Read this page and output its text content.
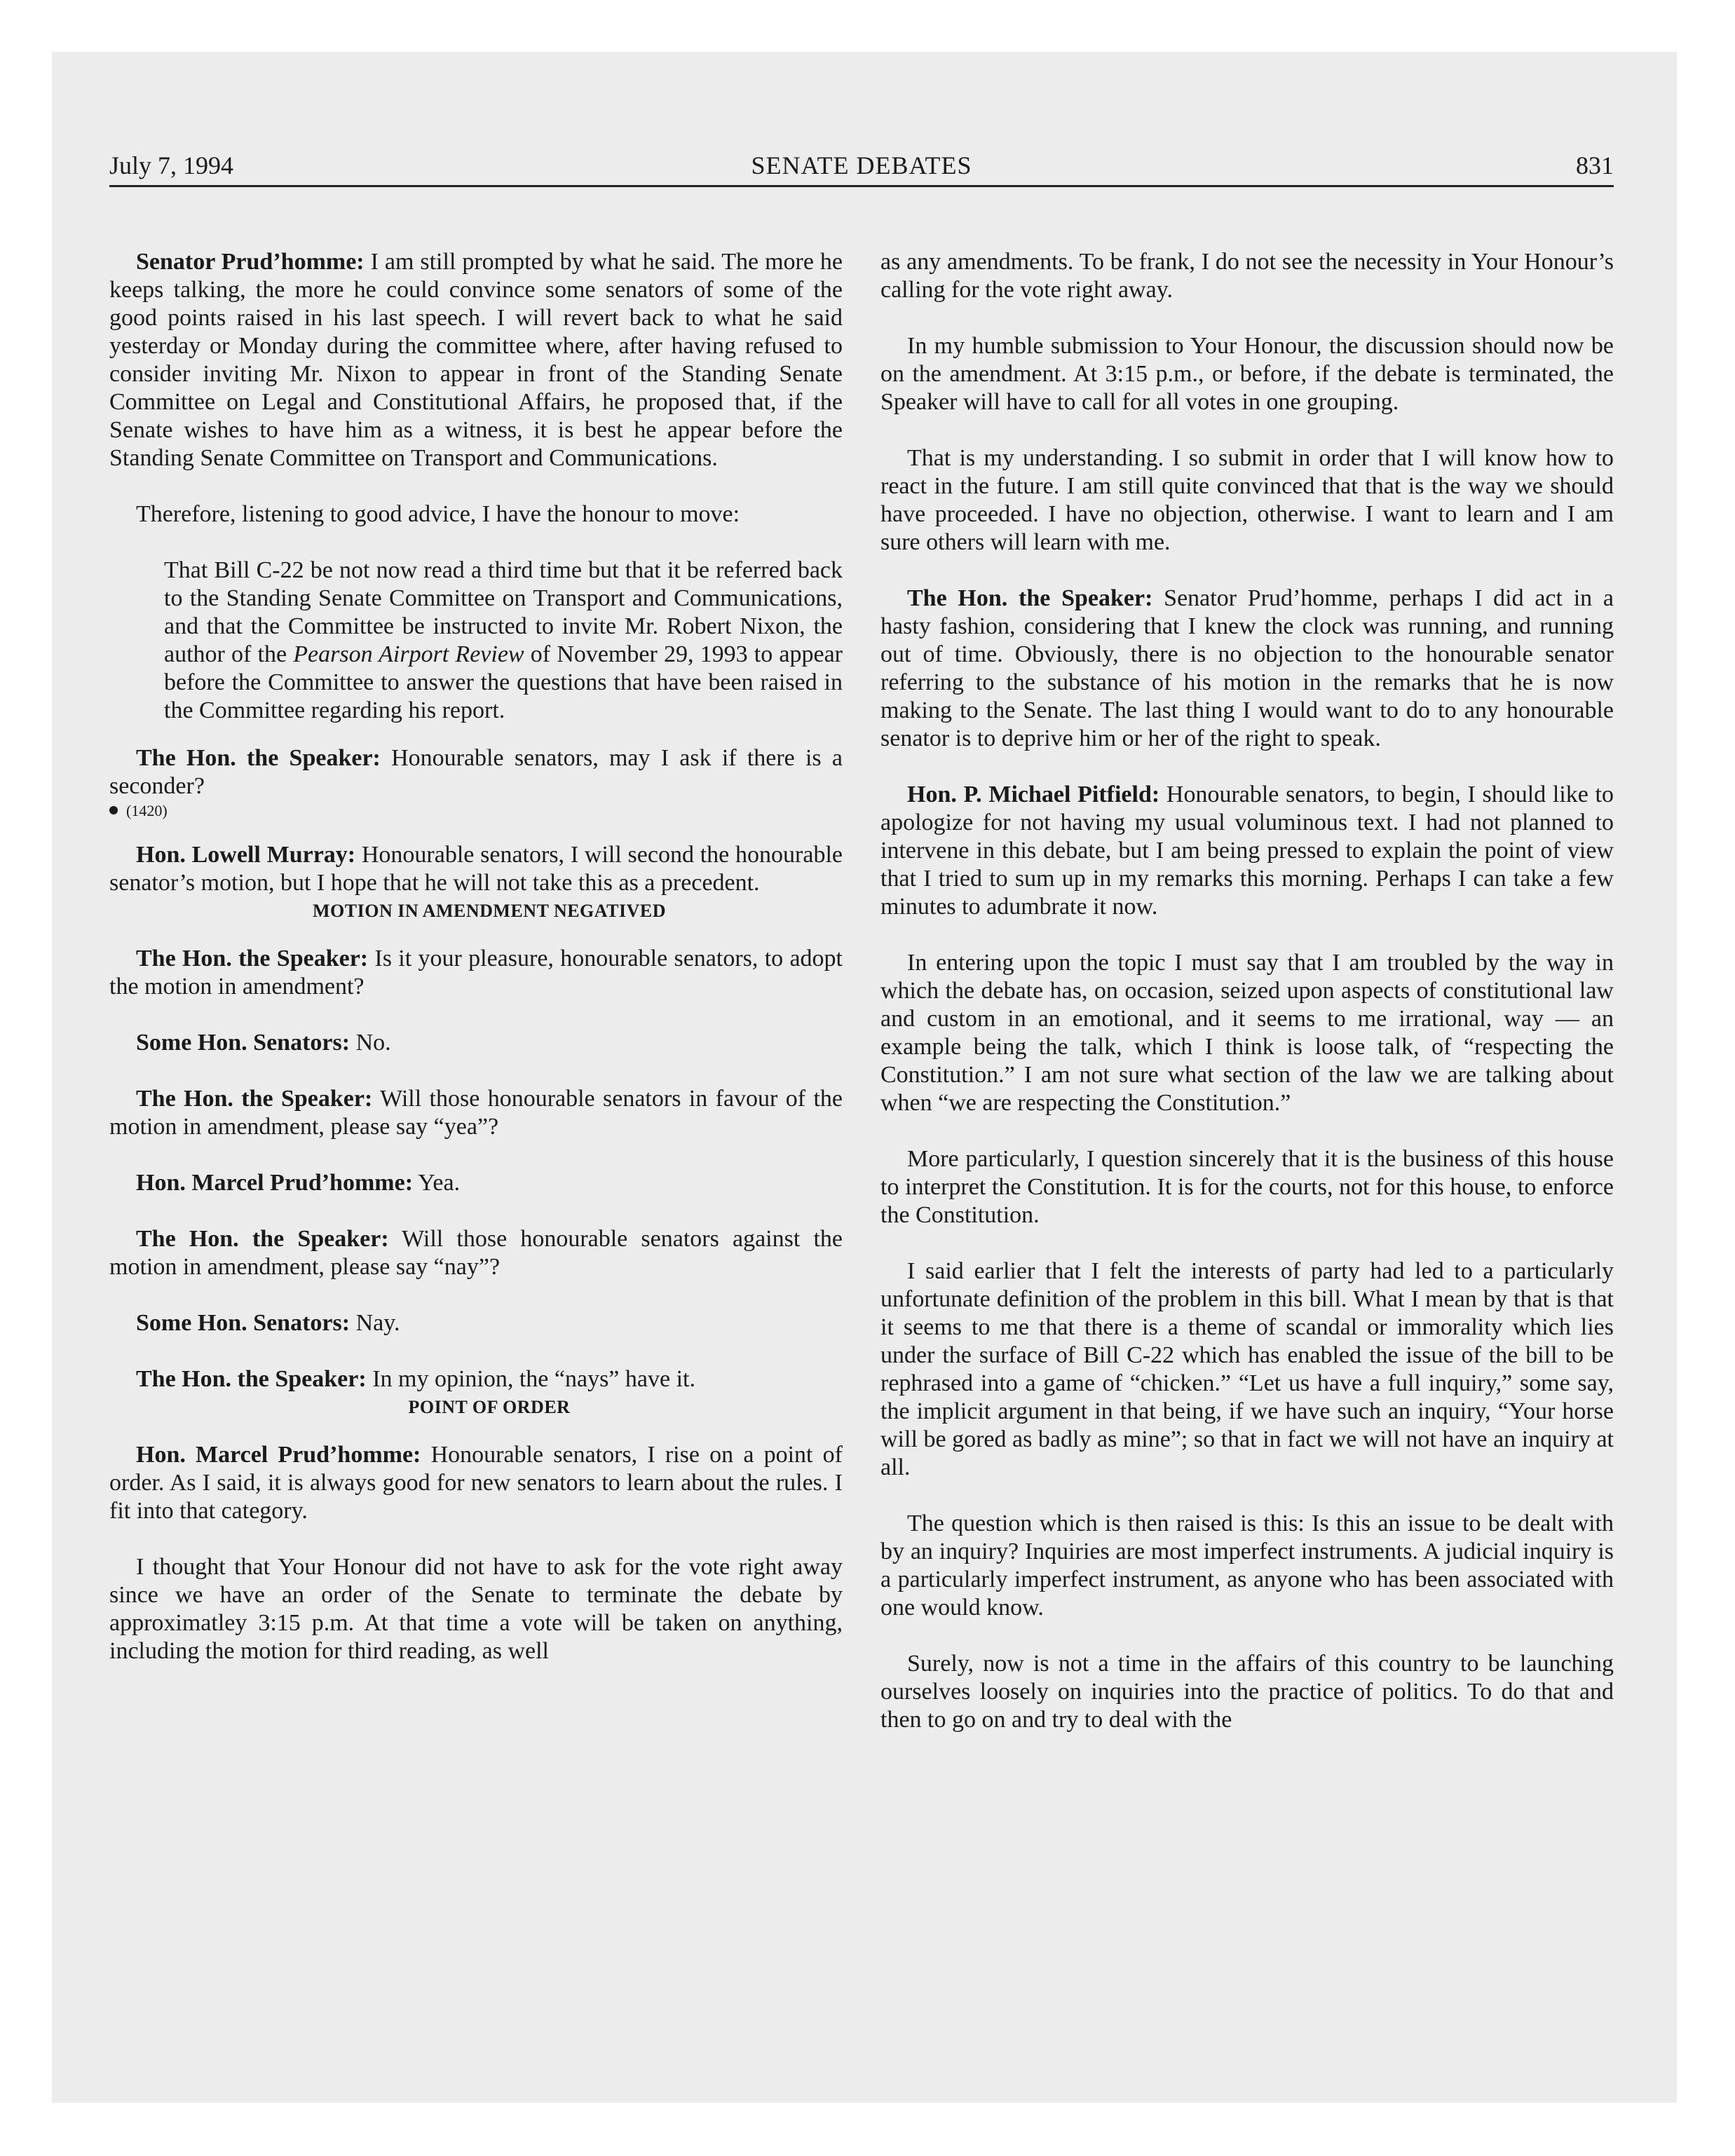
July 7, 1994	SENATE DEBATES	831

Senator Prud’homme: I am still prompted by what he said. The more he keeps talking, the more he could convince some senators of some of the good points raised in his last speech. I will revert back to what he said yesterday or Monday during the committee where, after having refused to consider inviting Mr. Nixon to appear in front of the Standing Senate Committee on Legal and Constitutional Affairs, he proposed that, if the Senate wishes to have him as a witness, it is best he appear before the Standing Senate Committee on Transport and Communications.

Therefore, listening to good advice, I have the honour to move:

That Bill C-22 be not now read a third time but that it be referred back to the Standing Senate Committee on Transport and Communications, and that the Committee be instructed to invite Mr. Robert Nixon, the author of the Pearson Airport Review of November 29, 1993 to appear before the Committee to answer the questions that have been raised in the Committee regarding his report.

The Hon. the Speaker: Honourable senators, may I ask if there is a seconder?

(1420)

Hon. Lowell Murray: Honourable senators, I will second the honourable senator’s motion, but I hope that he will not take this as a precedent.

MOTION IN AMENDMENT NEGATIVED

The Hon. the Speaker: Is it your pleasure, honourable senators, to adopt the motion in amendment?

Some Hon. Senators: No.

The Hon. the Speaker: Will those honourable senators in favour of the motion in amendment, please say “yea”?

Hon. Marcel Prud’homme: Yea.

The Hon. the Speaker: Will those honourable senators against the motion in amendment, please say “nay”?

Some Hon. Senators: Nay.

The Hon. the Speaker: In my opinion, the “nays” have it.

POINT OF ORDER

Hon. Marcel Prud’homme: Honourable senators, I rise on a point of order. As I said, it is always good for new senators to learn about the rules. I fit into that category.

I thought that Your Honour did not have to ask for the vote right away since we have an order of the Senate to terminate the debate by approximatley 3:15 p.m. At that time a vote will be taken on anything, including the motion for third reading, as well

as any amendments. To be frank, I do not see the necessity in Your Honour’s calling for the vote right away.

In my humble submission to Your Honour, the discussion should now be on the amendment. At 3:15 p.m., or before, if the debate is terminated, the Speaker will have to call for all votes in one grouping.

That is my understanding. I so submit in order that I will know how to react in the future. I am still quite convinced that that is the way we should have proceeded. I have no objection, otherwise. I want to learn and I am sure others will learn with me.

The Hon. the Speaker: Senator Prud’homme, perhaps I did act in a hasty fashion, considering that I knew the clock was running, and running out of time. Obviously, there is no objection to the honourable senator referring to the substance of his motion in the remarks that he is now making to the Senate. The last thing I would want to do to any honourable senator is to deprive him or her of the right to speak.

Hon. P. Michael Pitfield: Honourable senators, to begin, I should like to apologize for not having my usual voluminous text. I had not planned to intervene in this debate, but I am being pressed to explain the point of view that I tried to sum up in my remarks this morning. Perhaps I can take a few minutes to adumbrate it now.

In entering upon the topic I must say that I am troubled by the way in which the debate has, on occasion, seized upon aspects of constitutional law and custom in an emotional, and it seems to me irrational, way — an example being the talk, which I think is loose talk, of “respecting the Constitution.” I am not sure what section of the law we are talking about when “we are respecting the Constitution.”

More particularly, I question sincerely that it is the business of this house to interpret the Constitution. It is for the courts, not for this house, to enforce the Constitution.

I said earlier that I felt the interests of party had led to a particularly unfortunate definition of the problem in this bill. What I mean by that is that it seems to me that there is a theme of scandal or immorality which lies under the surface of Bill C-22 which has enabled the issue of the bill to be rephrased into a game of “chicken.” “Let us have a full inquiry,” some say, the implicit argument in that being, if we have such an inquiry, “Your horse will be gored as badly as mine”; so that in fact we will not have an inquiry at all.

The question which is then raised is this: Is this an issue to be dealt with by an inquiry? Inquiries are most imperfect instruments. A judicial inquiry is a particularly imperfect instrument, as anyone who has been associated with one would know.

Surely, now is not a time in the affairs of this country to be launching ourselves loosely on inquiries into the practice of politics. To do that and then to go on and try to deal with the
